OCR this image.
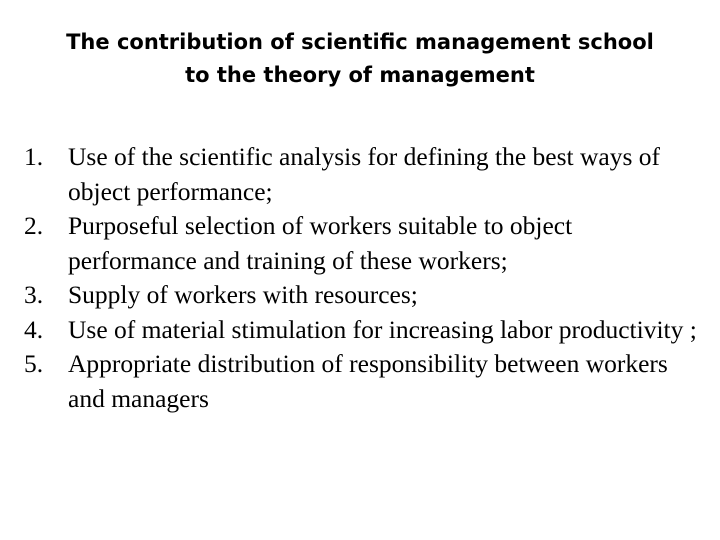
The contribution of scientific management school
to the theory of management
1. Use of the scientific analysis for defining the best ways of object performance;
2. Purposeful selection of workers suitable to object performance and training of these workers;
3. Supply of workers with resources;
4. Use of material stimulation for increasing labor productivity ;
5. Appropriate distribution of responsibility between workers and managers
